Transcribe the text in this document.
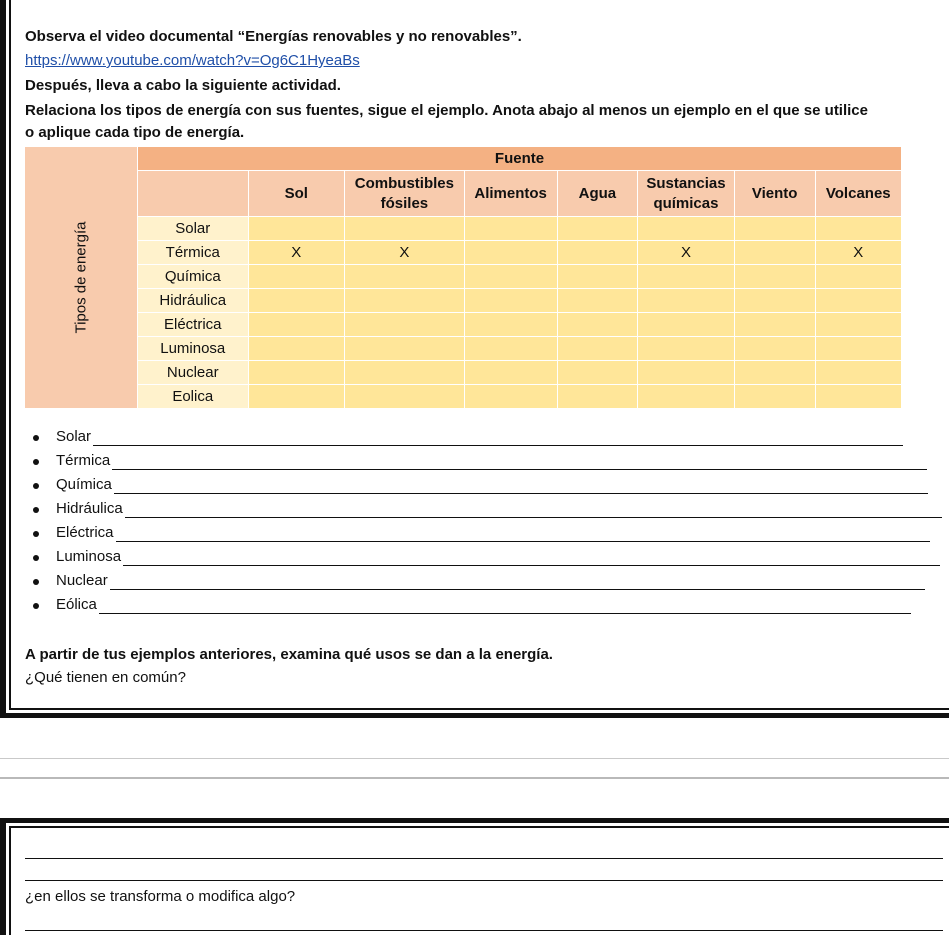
Observa el video documental “Energías renovables y no renovables”.
https://www.youtube.com/watch?v=Og6C1HyeaBs
Después, lleva a cabo la siguiente actividad.
Relaciona los tipos de energía con sus fuentes, sigue el ejemplo. Anota abajo al menos un ejemplo en el que se utilice
o aplique cada tipo de energía.
Tipos de energía	Fuente							
		Sol	Combustibles fósiles	Alimentos	Agua	Sustancias químicas	Viento	Volcanes
	Solar							
	Térmica	X	X			X		X
	Química							
	Hidráulica							
	Eléctrica							
	Luminosa							
	Nuclear							
	Eolica							
Solar
Térmica
Química
Hidráulica
Eléctrica
Luminosa
Nuclear
Eólica
A partir de tus ejemplos anteriores, examina qué usos se dan a la energía.
¿Qué tienen en común?
¿en ellos se transforma o modifica algo?
